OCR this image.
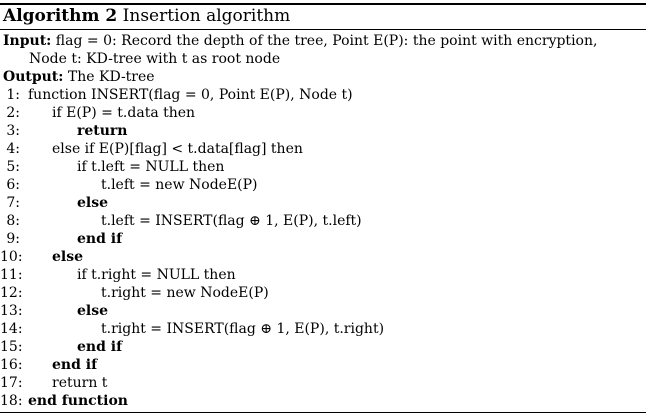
Algorithm 2 Insertion algorithm
Input: flag = 0: Record the depth of the tree, Point E(P): the point with encryption,
Node t: KD-tree with t as root node
Output: The KD-tree
1: function INSERT(flag = 0, Point E(P), Node t)
2: if E(P) = t.data then
3:	return
4: else if E(P)[flag] < t.data[flag] then
5:	if t.left = NULL then
6:	t.left = new NodeE(P)
7:	else
8:	t.left = INSERT(flag ⊕ 1, E(P), t.left)
9:	end if
10: else
11:	if t.right = NULL then
12:	t.right = new NodeE(P)
13:	else
14:	t.right = INSERT(flag ⊕ 1, E(P), t.right)
15:	end if
16: end if
17: return t
18: end function
